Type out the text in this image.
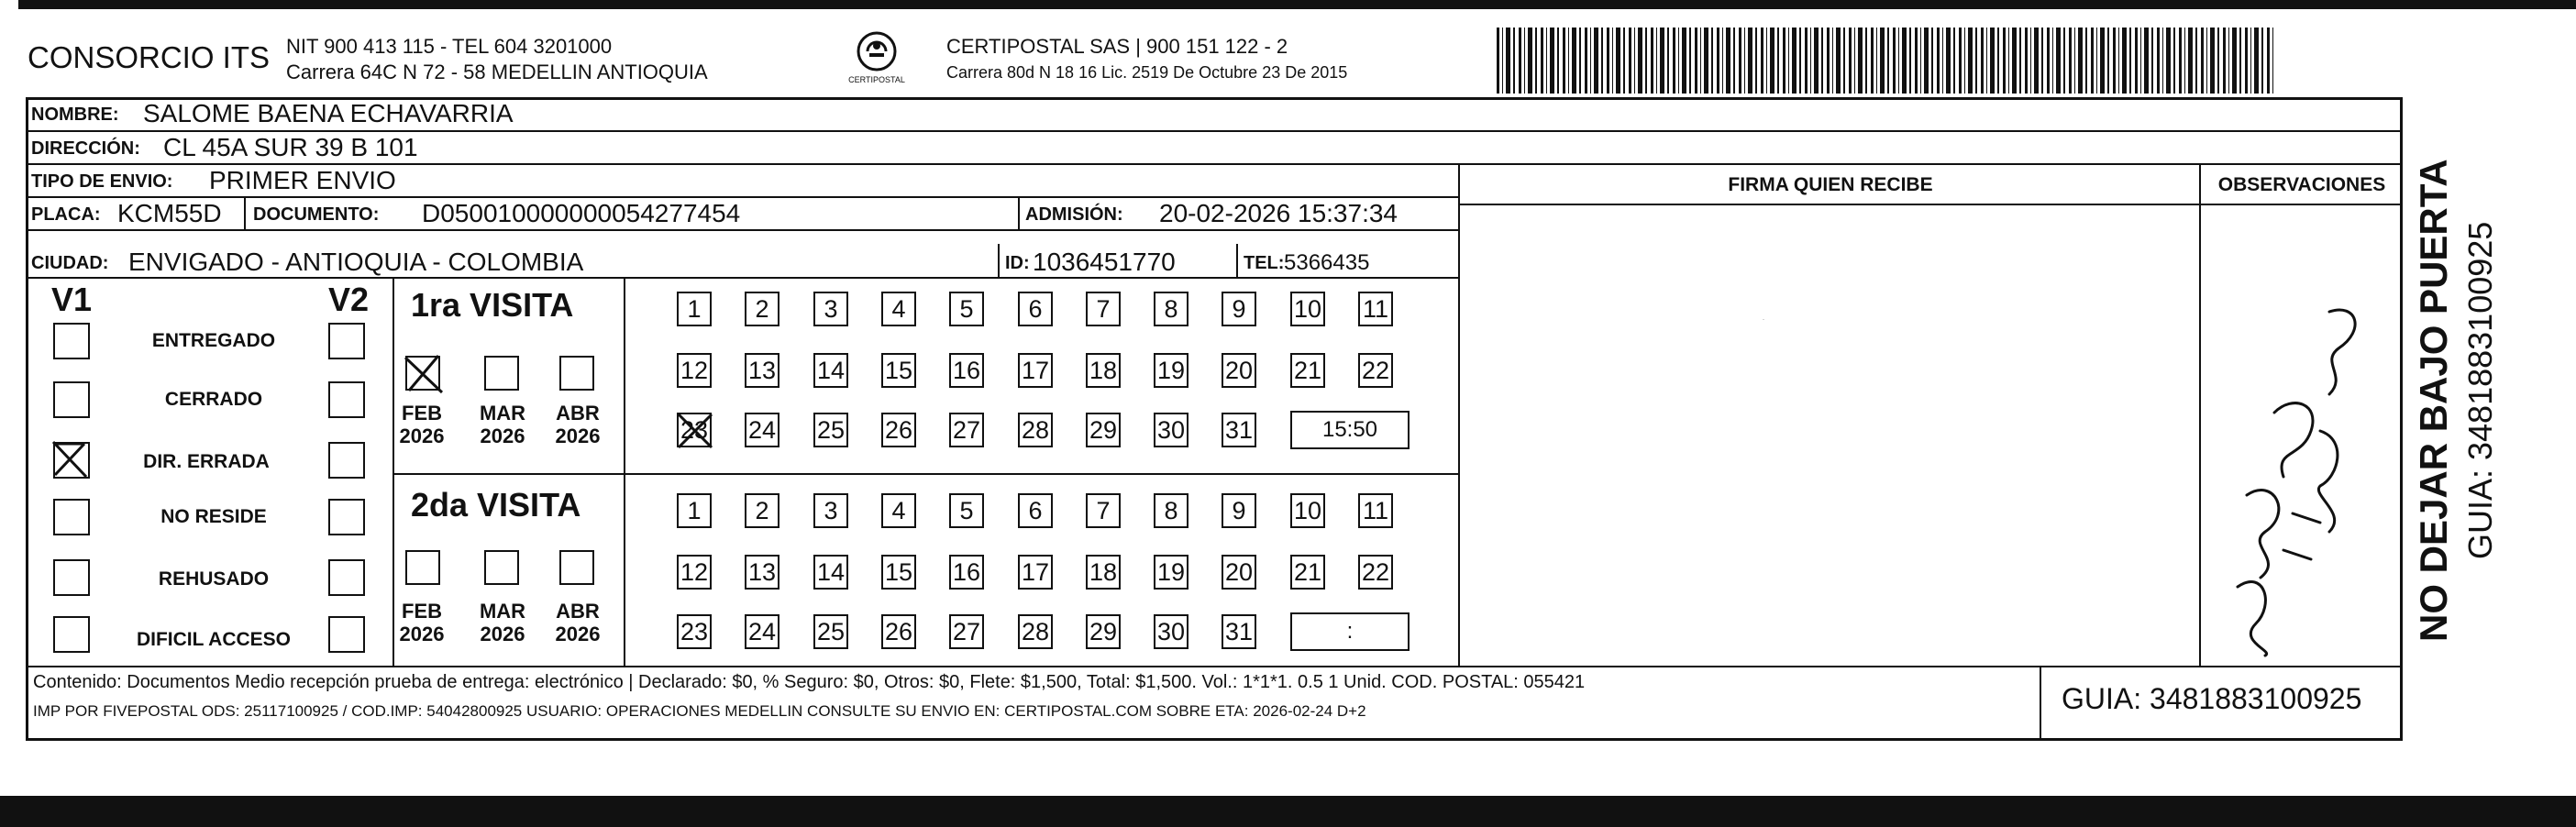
CONSORCIO ITS NIT 900 413 115 - TEL 604 3201000
Carrera 64C N 72 - 58 MEDELLIN ANTIOQUIA	CERTIPOSTAL
CERTIPOSTAL SAS | 900 151 122 - 2
Carrera 80d N 18 16 Lic. 2519 De Octubre 23 De 2015
NOMBRE: SALOME BAENA ECHAVARRIA
DIRECCIÓN: CL 45A SUR 39 B 101
TIPO DE ENVIO: PRIMER ENVIO	FIRMA QUIEN RECIBE	OBSERVACIONES
PLACA: KCM55D DOCUMENTO: D050010000000054277454	ADMISIÓN: 20-02-2026 15:37:34
CIUDAD: ENVIGADO - ANTIOQUIA - COLOMBIA	ID: 1036451770	TEL: 5366435
V1	V2
ENTREGADO
CERRADO
DIR. ERRADA
NO RESIDE
REHUSADO
DIFICIL ACCESO
1ra VISITA
FEB
2026
MAR
2026
ABR
2026
1	2	3	4	5	6	7	8	9	10 11
12 13 14 15 16 17 18 19 20 21 22
23 24 25 26 27 28 29 30 31	15:50
2da VISITA
FEB
2026
MAR
2026
ABR
2026
1	2	3	4	5	6	7	8	9	10 11
12 13 14 15 16 17 18 19 20 21 22
23 24 25 26 27 28 29 30 31	:
·
Contenido: Documentos Medio recepción prueba de entrega: electrónico | Declarado: $0, % Seguro: $0, Otros: $0, Flete: $1,500, Total: $1,500. Vol.: 1*1*1. 0.5 1 Unid. COD. POSTAL: 055421
IMP POR FIVEPOSTAL ODS: 25117100925 / COD.IMP: 54042800925 USUARIO: OPERACIONES MEDELLIN CONSULTE SU ENVIO EN: CERTIPOSTAL.COM SOBRE ETA: 2026-02-24 D+2	GUIA: 3481883100925
NO DEJAR BAJO PUERTA GUIA: 3481883100925
